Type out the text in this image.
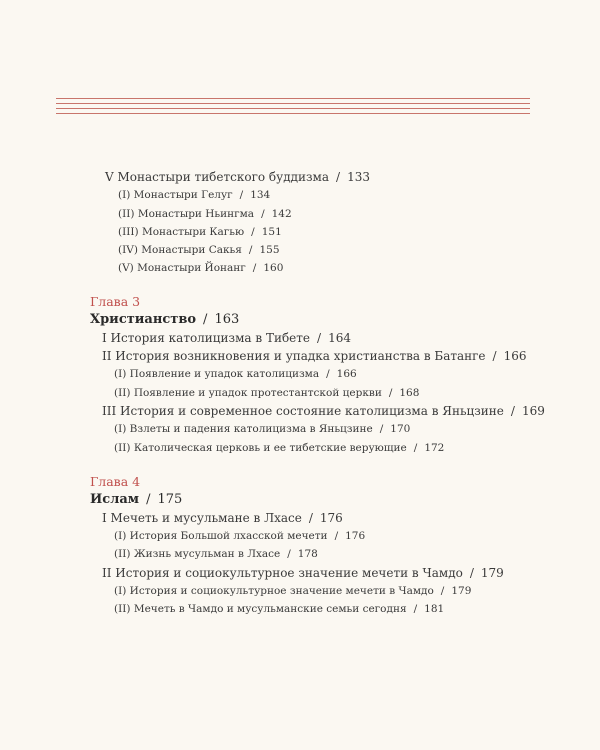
V Монастыри тибетского буддизма / 133
(I) Монастыри Гелуг / 134
(II) Монастыри Ньингма / 142
(III) Монастыри Кагью / 151
(IV) Монастыри Сакья / 155
(V) Монастыри Йонанг / 160
Глава 3
Христианство / 163
I История католицизма в Тибете / 164
II История возникновения и упадка христианства в Батанге / 166
(I) Появление и упадок католицизма / 166
(II) Появление и упадок протестантской церкви / 168
III История и современное состояние католицизма в Яньцзине / 169
(I) Взлеты и падения католицизма в Яньцзине / 170
(II) Католическая церковь и ее тибетские верующие / 172
Глава 4
Ислам / 175
I Мечеть и мусульмане в Лхасе / 176
(I) История Большой лхасской мечети / 176
(II) Жизнь мусульман в Лхасе / 178
II История и социокультурное значение мечети в Чамдо / 179
(I) История и социокультурное значение мечети в Чамдо / 179
(II) Мечеть в Чамдо и мусульманские семьи сегодня / 181
